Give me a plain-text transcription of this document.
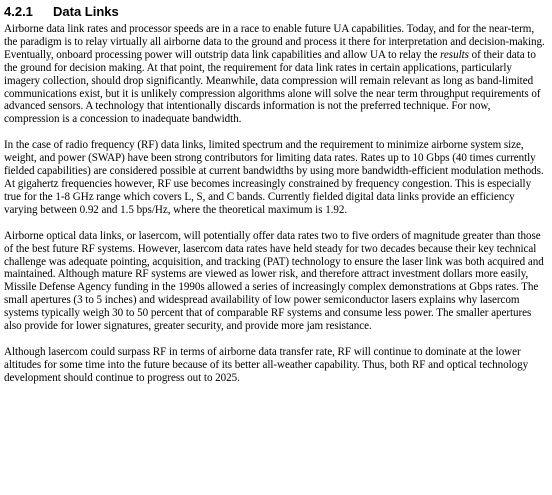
4.2.1	Data Links

Airborne data link rates and processor speeds are in a race to enable future UA capabilities. Today, and for the near-term, the paradigm is to relay virtually all airborne data to the ground and process it there for interpretation and decision-making. Eventually, onboard processing power will outstrip data link capabilities and allow UA to relay the results of their data to the ground for decision making. At that point, the requirement for data link rates in certain applications, particularly imagery collection, should drop significantly. Meanwhile, data compression will remain relevant as long as band-limited communications exist, but it is unlikely compression algorithms alone will solve the near term throughput requirements of advanced sensors. A technology that intentionally discards information is not the preferred technique. For now, compression is a concession to inadequate bandwidth.

In the case of radio frequency (RF) data links, limited spectrum and the requirement to minimize airborne system size, weight, and power (SWAP) have been strong contributors for limiting data rates. Rates up to 10 Gbps (40 times currently fielded capabilities) are considered possible at current bandwidths by using more bandwidth-efficient modulation methods. At gigahertz frequencies however, RF use becomes increasingly constrained by frequency congestion. This is especially true for the 1-8 GHz range which covers L, S, and C bands. Currently fielded digital data links provide an efficiency varying between 0.92 and 1.5 bps/Hz, where the theoretical maximum is 1.92.

Airborne optical data links, or lasercom, will potentially offer data rates two to five orders of magnitude greater than those of the best future RF systems. However, lasercom data rates have held steady for two decades because their key technical challenge was adequate pointing, acquisition, and tracking (PAT) technology to ensure the laser link was both acquired and maintained. Although mature RF systems are viewed as lower risk, and therefore attract investment dollars more easily, Missile Defense Agency funding in the 1990s allowed a series of increasingly complex demonstrations at Gbps rates. The small apertures (3 to 5 inches) and widespread availability of low power semiconductor lasers explains why lasercom systems typically weigh 30 to 50 percent that of comparable RF systems and consume less power. The smaller apertures also provide for lower signatures, greater security, and provide more jam resistance.

Although lasercom could surpass RF in terms of airborne data transfer rate, RF will continue to dominate at the lower altitudes for some time into the future because of its better all-weather capability. Thus, both RF and optical technology development should continue to progress out to 2025.
